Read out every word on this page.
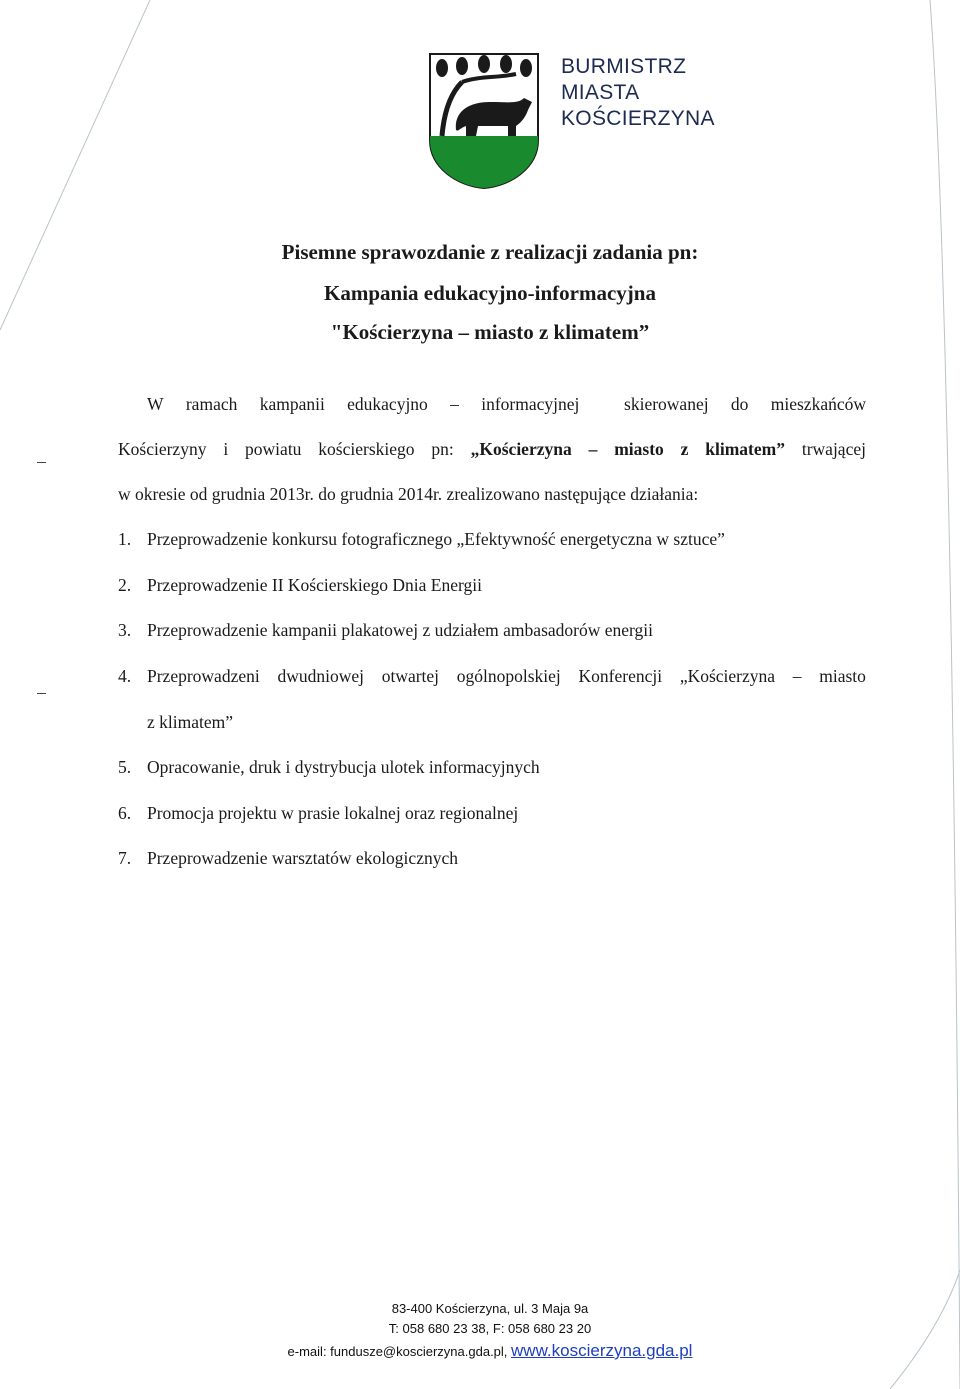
BURMISTRZ
MIASTA
KOŚCIERZYNA
Pisemne sprawozdanie z realizacji zadania pn:
Kampania edukacyjno-informacyjna
"Kościerzyna – miasto z klimatem”
W ramach kampanii edukacyjno – informacyjnej	skierowanej do mieszkańców
Kościerzyny i powiatu kościerskiego pn: „Kościerzyna – miasto z klimatem” trwającej
w okresie od grudnia 2013r. do grudnia 2014r. zrealizowano następujące działania:
1. Przeprowadzenie konkursu fotograficznego „Efektywność energetyczna w sztuce”
2. Przeprowadzenie II Kościerskiego Dnia Energii
3. Przeprowadzenie kampanii plakatowej z udziałem ambasadorów energii
4. Przeprowadzeni dwudniowej otwartej ogólnopolskiej Konferencji „Kościerzyna – miasto
z klimatem”
5. Opracowanie, druk i dystrybucja ulotek informacyjnych
6. Promocja projektu w prasie lokalnej oraz regionalnej
7. Przeprowadzenie warsztatów ekologicznych
83-400 Kościerzyna, ul. 3 Maja 9a
T: 058 680 23 38, F: 058 680 23 20
e-mail: fundusze@koscierzyna.gda.pl, www.koscierzyna.gda.pl
